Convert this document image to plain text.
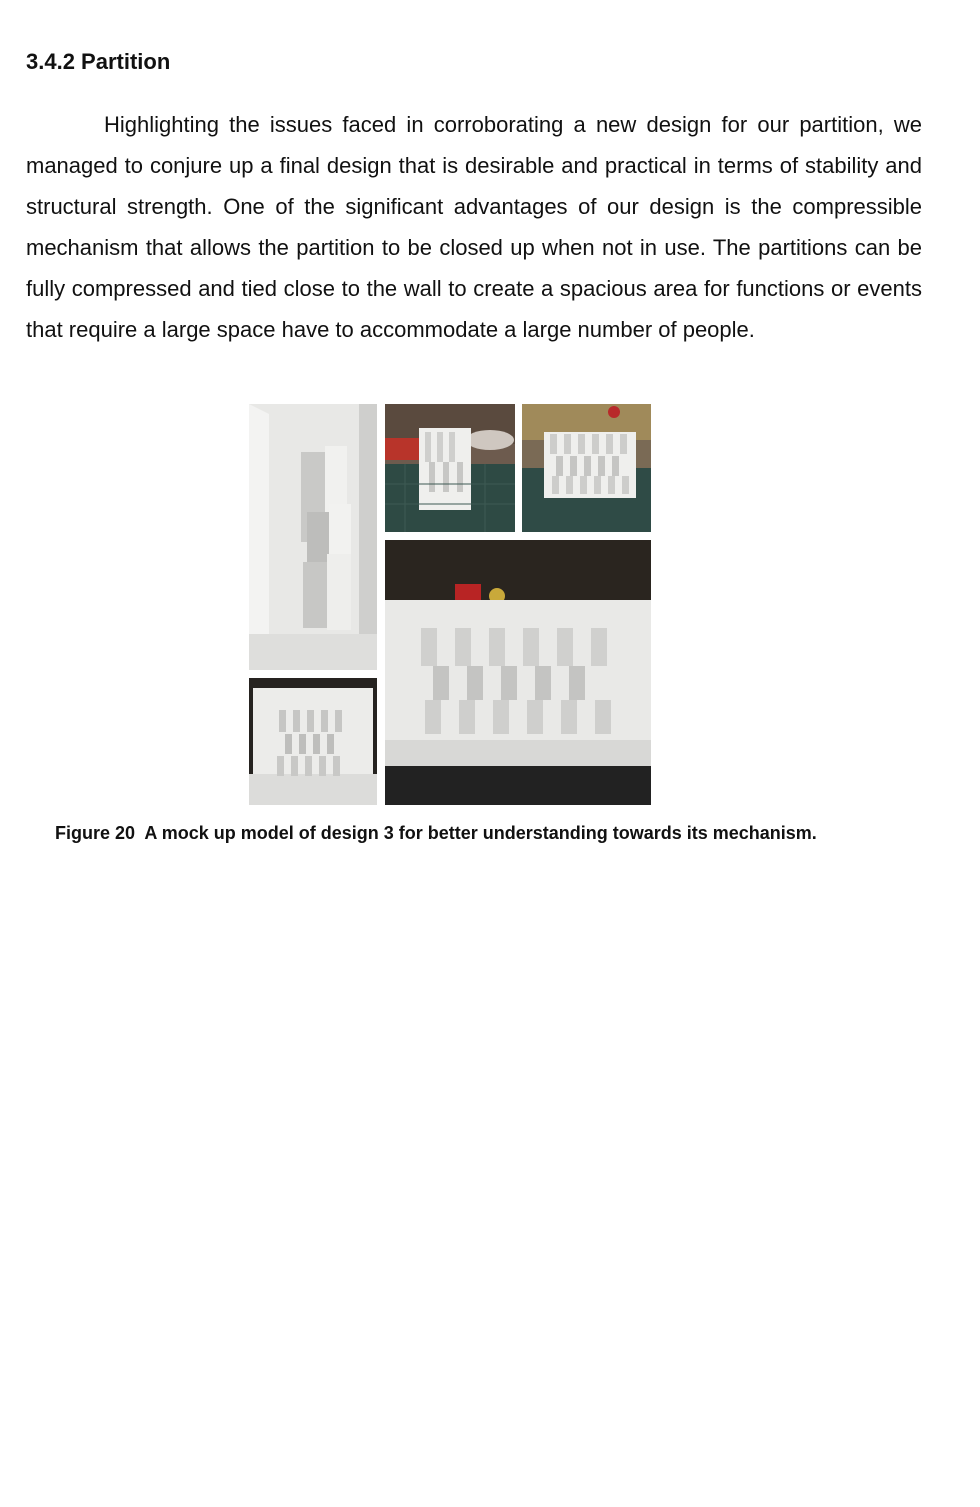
3.4.2 Partition

Highlighting the issues faced in corroborating a new design for our partition, we managed to conjure up a final design that is desirable and practical in terms of stability and structural strength. One of the significant advantages of our design is the compressible mechanism that allows the partition to be closed up when not in use. The partitions can be fully compressed and tied close to the wall to create a spacious area for functions or events that require a large space have to accommodate a large number of people.

Figure 20  A mock up model of design 3 for better understanding towards its mechanism.
